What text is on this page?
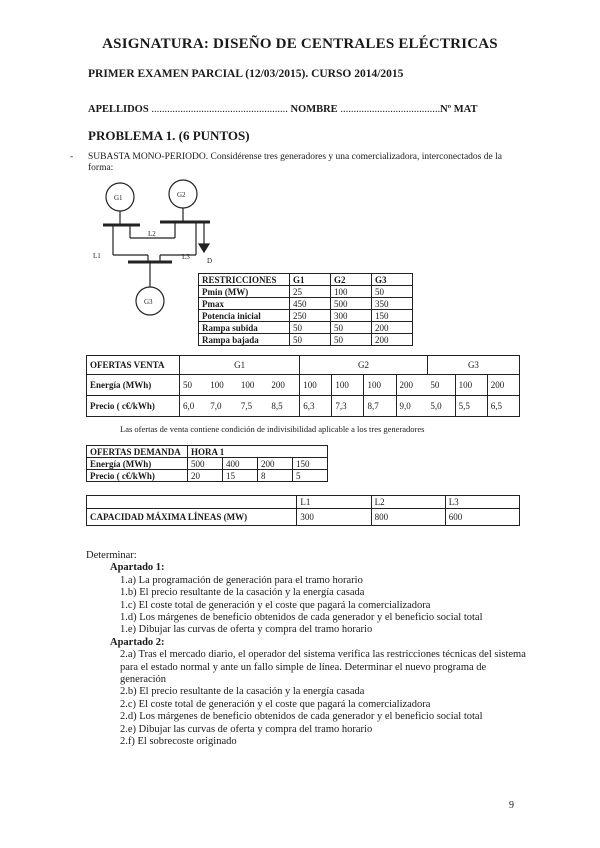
ASIGNATURA: DISEÑO DE CENTRALES ELÉCTRICAS
PRIMER EXAMEN PARCIAL (12/03/2015). CURSO 2014/2015
APELLIDOS .................................................... NOMBRE ......................................Nº MAT
PROBLEMA 1. (6 PUNTOS)
- SUBASTA MONO-PERIODO. Considérense tres generadores y una comercializadora, interconectados de la forma:
G1	G2
G3
L1
L2
L3 D
RESTRICCIONES	G1	G2	G3
Pmin (MW)	25	100	50
Pmax	450	500	350
Potencia inicial	250	300	150
Rampa subida	50	50	200
Rampa bajada	50	50	200
OFERTAS VENTA	G1				G2				G3		
Energía (MWh)	50	100	100	200	100	100	100	200	50	100	200
Precio ( c€/kWh)	6,0	7,0	7,5	8,5	6,3	7,3	8,7	9,0	5,0	5,5	6,5
Las ofertas de venta contiene condición de indivisibilidad aplicable a los tres generadores
OFERTAS DEMANDA	HORA 1			
Energía (MWh)	500	400	200	150
Precio ( c€/kWh)	20	15	8	5
	L1	L2	L3
CAPACIDAD MÁXIMA LÍNEAS (MW)	300	800	600
Determinar:
Apartado 1:
1.a) La programación de generación para el tramo horario
1.b) El precio resultante de la casación y la energía casada
1.c) El coste total de generación y el coste que pagará la comercializadora
1.d) Los márgenes de beneficio obtenidos de cada generador y el beneficio social total
1.e) Dibujar las curvas de oferta y compra del tramo horario
Apartado 2:
2.a) Tras el mercado diario, el operador del sistema verifica las restricciones técnicas del sistema para el estado normal y ante un fallo simple de línea. Determinar el nuevo programa de generación
2.b) El precio resultante de la casación y la energía casada
2.c) El coste total de generación y el coste que pagará la comercializadora
2.d) Los márgenes de beneficio obtenidos de cada generador y el beneficio social total
2.e) Dibujar las curvas de oferta y compra del tramo horario
2.f) El sobrecoste originado
9
